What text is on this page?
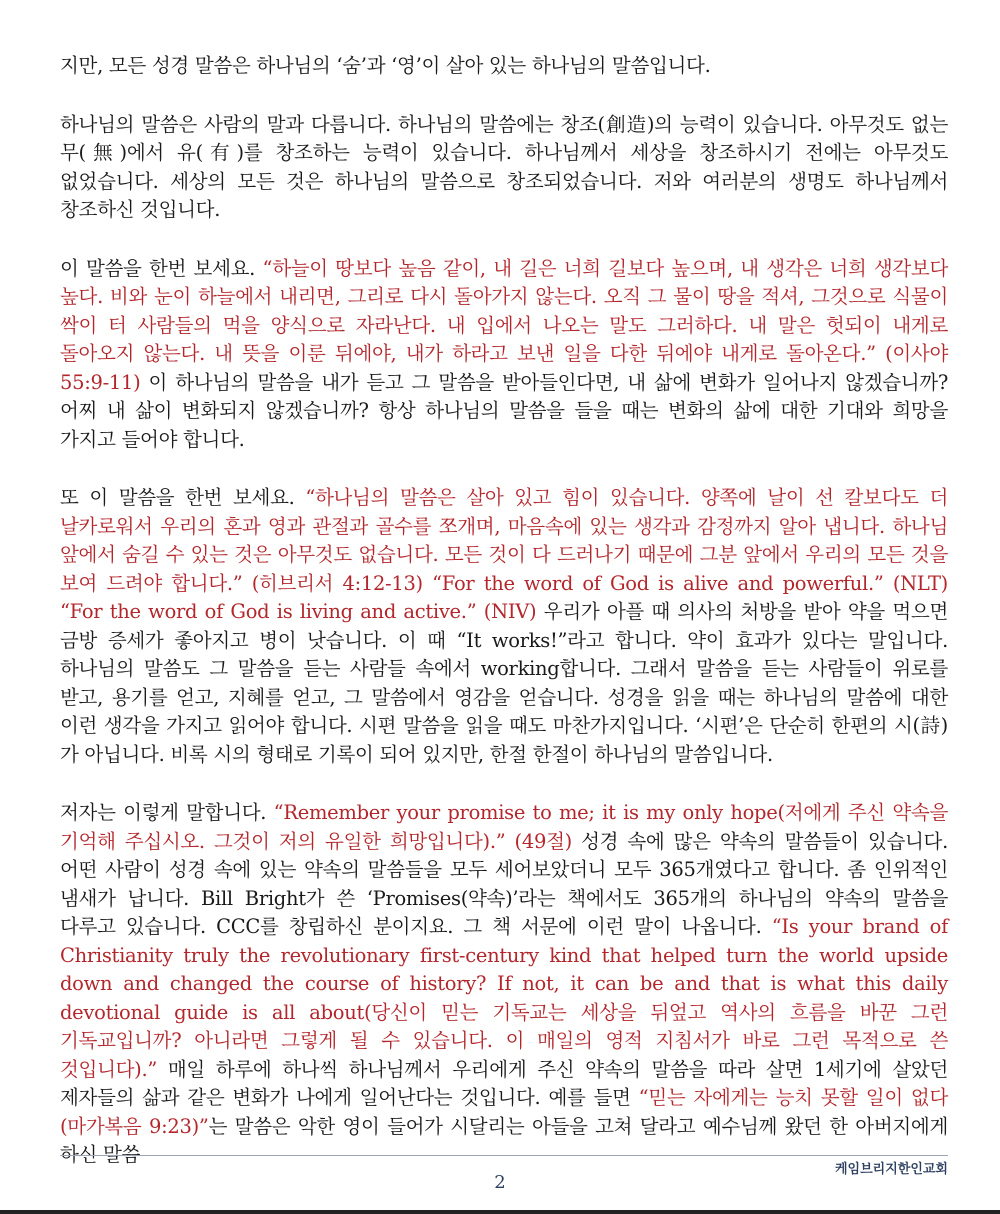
지만, 모든 성경 말씀은 하나님의 ‘숨’과 ‘영’이 살아 있는 하나님의 말씀입니다.

하나님의 말씀은 사람의 말과 다릅니다. 하나님의 말씀에는 창조(創造)의 능력이 있습니다. 아무것도 없는 무(無)에서 유(有)를 창조하는 능력이 있습니다. 하나님께서 세상을 창조하시기 전에는 아무것도 없었습니다. 세상의 모든 것은 하나님의 말씀으로 창조되었습니다. 저와 여러분의 생명도 하나님께서 창조하신 것입니다.

이 말씀을 한번 보세요. “하늘이 땅보다 높음 같이, 내 길은 너희 길보다 높으며, 내 생각은 너희 생각보다 높다. 비와 눈이 하늘에서 내리면, 그리로 다시 돌아가지 않는다. 오직 그 물이 땅을 적셔, 그것으로 식물이 싹이 터 사람들의 먹을 양식으로 자라난다. 내 입에서 나오는 말도 그러하다. 내 말은 헛되이 내게로 돌아오지 않는다. 내 뜻을 이룬 뒤에야, 내가 하라고 보낸 일을 다한 뒤에야 내게로 돌아온다.” (이사야 55:9-11) 이 하나님의 말씀을 내가 듣고 그 말씀을 받아들인다면, 내 삶에 변화가 일어나지 않겠습니까? 어찌 내 삶이 변화되지 않겠습니까? 항상 하나님의 말씀을 들을 때는 변화의 삶에 대한 기대와 희망을 가지고 들어야 합니다.

또 이 말씀을 한번 보세요. “하나님의 말씀은 살아 있고 힘이 있습니다. 양쪽에 날이 선 칼보다도 더 날카로워서 우리의 혼과 영과 관절과 골수를 쪼개며, 마음속에 있는 생각과 감정까지 알아 냅니다. 하나님 앞에서 숨길 수 있는 것은 아무것도 없습니다. 모든 것이 다 드러나기 때문에 그분 앞에서 우리의 모든 것을 보여 드려야 합니다.” (히브리서 4:12-13) “For the word of God is alive and powerful.” (NLT) “For the word of God is living and active.” (NIV) 우리가 아플 때 의사의 처방을 받아 약을 먹으면 금방 증세가 좋아지고 병이 낫습니다. 이 때 “It works!”라고 합니다. 약이 효과가 있다는 말입니다. 하나님의 말씀도 그 말씀을 듣는 사람들 속에서 working합니다. 그래서 말씀을 듣는 사람들이 위로를 받고, 용기를 얻고, 지혜를 얻고, 그 말씀에서 영감을 얻습니다. 성경을 읽을 때는 하나님의 말씀에 대한 이런 생각을 가지고 읽어야 합니다. 시편 말씀을 읽을 때도 마찬가지입니다. ‘시편’은 단순히 한편의 시(詩)가 아닙니다. 비록 시의 형태로 기록이 되어 있지만, 한절 한절이 하나님의 말씀입니다.

저자는 이렇게 말합니다. “Remember your promise to me; it is my only hope(저에게 주신 약속을 기억해 주십시오. 그것이 저의 유일한 희망입니다).” (49절) 성경 속에 많은 약속의 말씀들이 있습니다. 어떤 사람이 성경 속에 있는 약속의 말씀들을 모두 세어보았더니 모두 365개였다고 합니다. 좀 인위적인 냄새가 납니다. Bill Bright가 쓴 ‘Promises(약속)’라는 책에서도 365개의 하나님의 약속의 말씀을 다루고 있습니다. CCC를 창립하신 분이지요. 그 책 서문에 이런 말이 나옵니다. “Is your brand of Christianity truly the revolutionary first-century kind that helped turn the world upside down and changed the course of history? If not, it can be and that is what this daily devotional guide is all about(당신이 믿는 기독교는 세상을 뒤엎고 역사의 흐름을 바꾼 그런 기독교입니까? 아니라면 그렇게 될 수 있습니다. 이 매일의 영적 지침서가 바로 그런 목적으로 쓴 것입니다).” 매일 하루에 하나씩 하나님께서 우리에게 주신 약속의 말씀을 따라 살면 1세기에 살았던 제자들의 삶과 같은 변화가 나에게 일어난다는 것입니다. 예를 들면 “믿는 자에게는 능치 못할 일이 없다(마가복음 9:23)”는 말씀은 악한 영이 들어가 시달리는 아들을 고쳐 달라고 예수님께 왔던 한 아버지에게 하신 말씀

케임브리지한인교회
2
